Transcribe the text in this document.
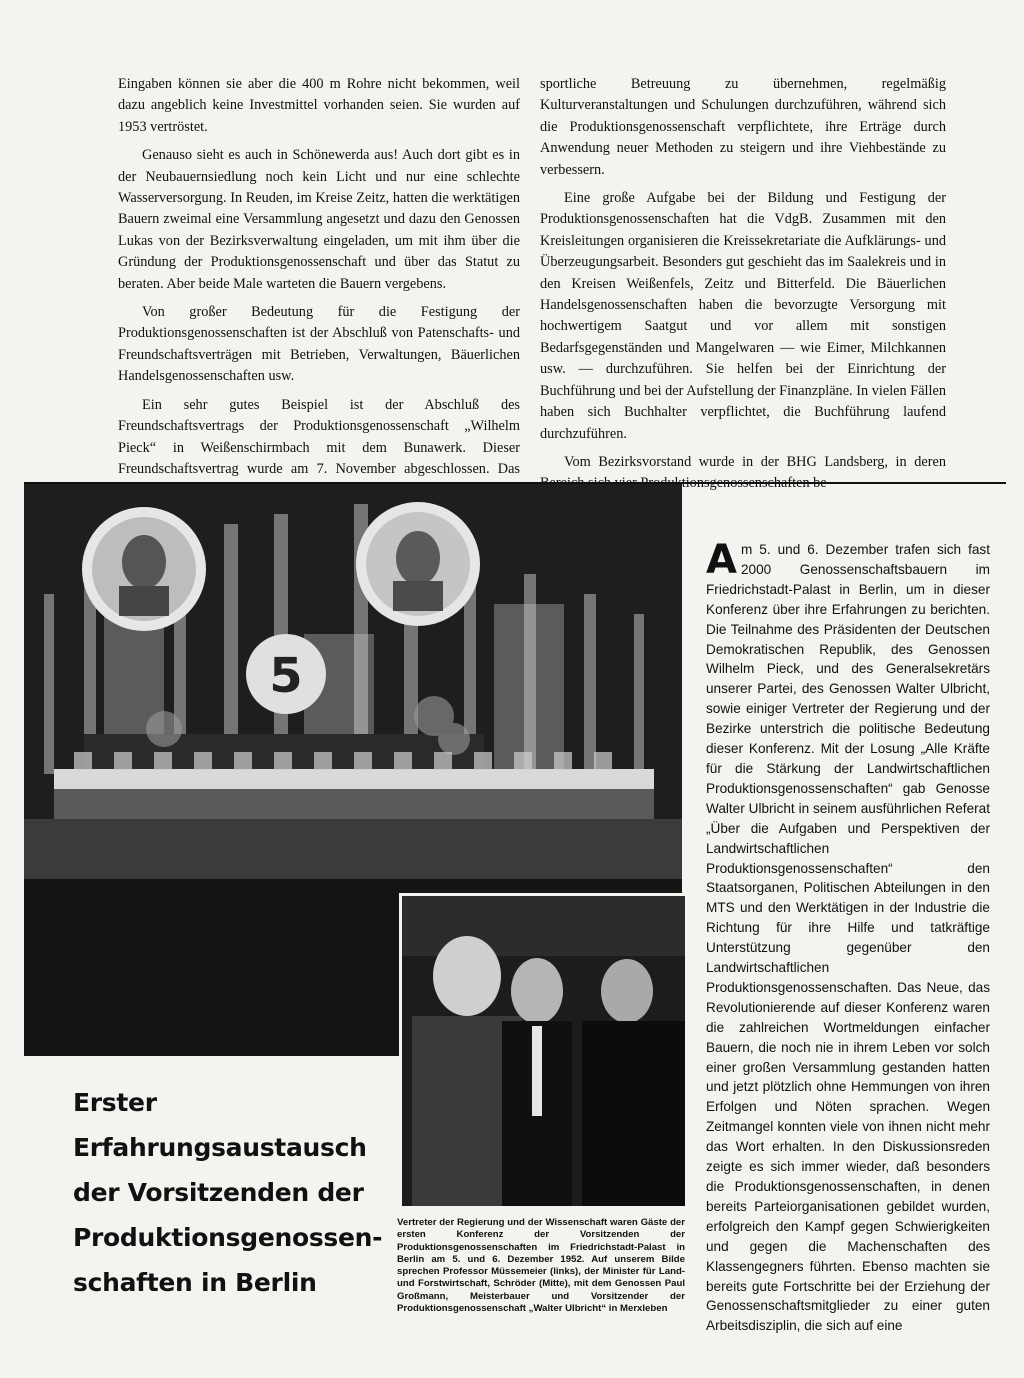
Eingaben können sie aber die 400 m Rohre nicht bekommen, weil dazu angeblich keine Investmittel vorhanden seien. Sie wurden auf 1953 vertröstet.

Genauso sieht es auch in Schönewerda aus! Auch dort gibt es in der Neubauernsiedlung noch kein Licht und nur eine schlechte Wasserversorgung. In Reuden, im Kreise Zeitz, hatten die werktätigen Bauern zweimal eine Versammlung angesetzt und dazu den Genossen Lukas von der Bezirksverwaltung eingeladen, um mit ihm über die Gründung der Produktionsgenossenschaft und über das Statut zu beraten. Aber beide Male warteten die Bauern vergebens.

Von großer Bedeutung für die Festigung der Produktionsgenossenschaften ist der Abschluß von Patenschafts- und Freundschaftsverträgen mit Betrieben, Verwaltungen, Bäuerlichen Handelsgenossenschaften usw.

Ein sehr gutes Beispiel ist der Abschluß des Freundschaftsvertrags der Produktionsgenossenschaft „Wilhelm Pieck“ in Weißenschirmbach mit dem Bunawerk. Dieser Freundschaftsvertrag wurde am 7. November abgeschlossen. Das

sportliche Betreuung zu übernehmen, regelmäßig Kulturveranstaltungen und Schulungen durchzuführen, während sich die Produktionsgenossenschaft verpflichtete, ihre Erträge durch Anwendung neuer Methoden zu steigern und ihre Viehbestände zu verbessern.

Eine große Aufgabe bei der Bildung und Festigung der Produktionsgenossenschaften hat die VdgB. Zusammen mit den Kreisleitungen organisieren die Kreissekretariate die Aufklärungs- und Überzeugungsarbeit. Besonders gut geschieht das im Saalekreis und in den Kreisen Weißenfels, Zeitz und Bitterfeld. Die Bäuerlichen Handelsgenossenschaften haben die bevorzugte Versorgung mit hochwertigem Saatgut und vor allem mit sonstigen Bedarfsgegenständen und Mangelwaren — wie Eimer, Milchkannen usw. — durchzuführen. Sie helfen bei der Einrichtung der Buchführung und bei der Aufstellung der Finanzpläne. In vielen Fällen haben sich Buchhalter verpflichtet, die Buchführung laufend durchzuführen.

Vom Bezirksvorstand wurde in der BHG Landsberg, in deren

5
Erster
Erfahrungsaustausch
der Vorsitzenden der
Produktionsgenossen-
schaften in Berlin
Vertreter der Regierung und der Wissenschaft waren Gäste der ersten Konferenz der Vorsitzenden der Produktionsgenossenschaften im Friedrichstadt-Palast in Berlin am 5. und 6. Dezember 1952. Auf unserem Bilde sprechen Professor Müssemeier (links), der Minister für Land- und Forstwirtschaft, Schröder (Mitte), mit dem Genossen Paul Großmann, Meisterbauer und Vorsitzender der Produktionsgenossenschaft „Walter Ulbricht“ in Merxleben
Am 5. und 6. Dezember trafen sich fast 2000 Genossenschaftsbauern im Friedrichstadt-Palast in Berlin, um in dieser Konferenz über ihre Erfahrungen zu berichten. Die Teilnahme des Präsidenten der Deutschen Demokratischen Republik, des Genossen Wilhelm Pieck, und des Generalsekretärs unserer Partei, des Genossen Walter Ulbricht, sowie einiger Vertreter der Regierung und der Bezirke unterstrich die politische Bedeutung dieser Konferenz. Mit der Losung „Alle Kräfte für die Stärkung der Landwirtschaftlichen Produktionsgenossenschaften“ gab Genosse Walter Ulbricht in seinem ausführlichen Referat „Über die Aufgaben und Perspektiven der Landwirtschaftlichen Produktionsgenossenschaften“ den Staatsorganen, Politischen Abteilungen in den MTS und den Werktätigen in der Industrie die Richtung für ihre Hilfe und tatkräftige Unterstützung gegenüber den Landwirtschaftlichen Produktionsgenossenschaften. Das Neue, das Revolutionierende auf dieser Konferenz waren die zahlreichen Wortmeldungen einfacher Bauern, die noch nie in ihrem Leben vor solch einer großen Versammlung gestanden hatten und jetzt plötzlich ohne Hemmungen von ihren Erfolgen und Nöten sprachen. Wegen Zeitmangel konnten viele von ihnen nicht mehr das Wort erhalten. In den Diskussionsreden zeigte es sich immer wieder, daß besonders die Produktionsgenossenschaften, in denen bereits Parteiorganisationen gebildet wurden, erfolgreich den Kampf gegen Schwierigkeiten und gegen die Machenschaften des Klassengegners führten. Ebenso machten sie bereits gute Fortschritte bei der Erziehung der Genossenschaftsmitglieder zu einer guten Arbeitsdisziplin, die sich auf eine
